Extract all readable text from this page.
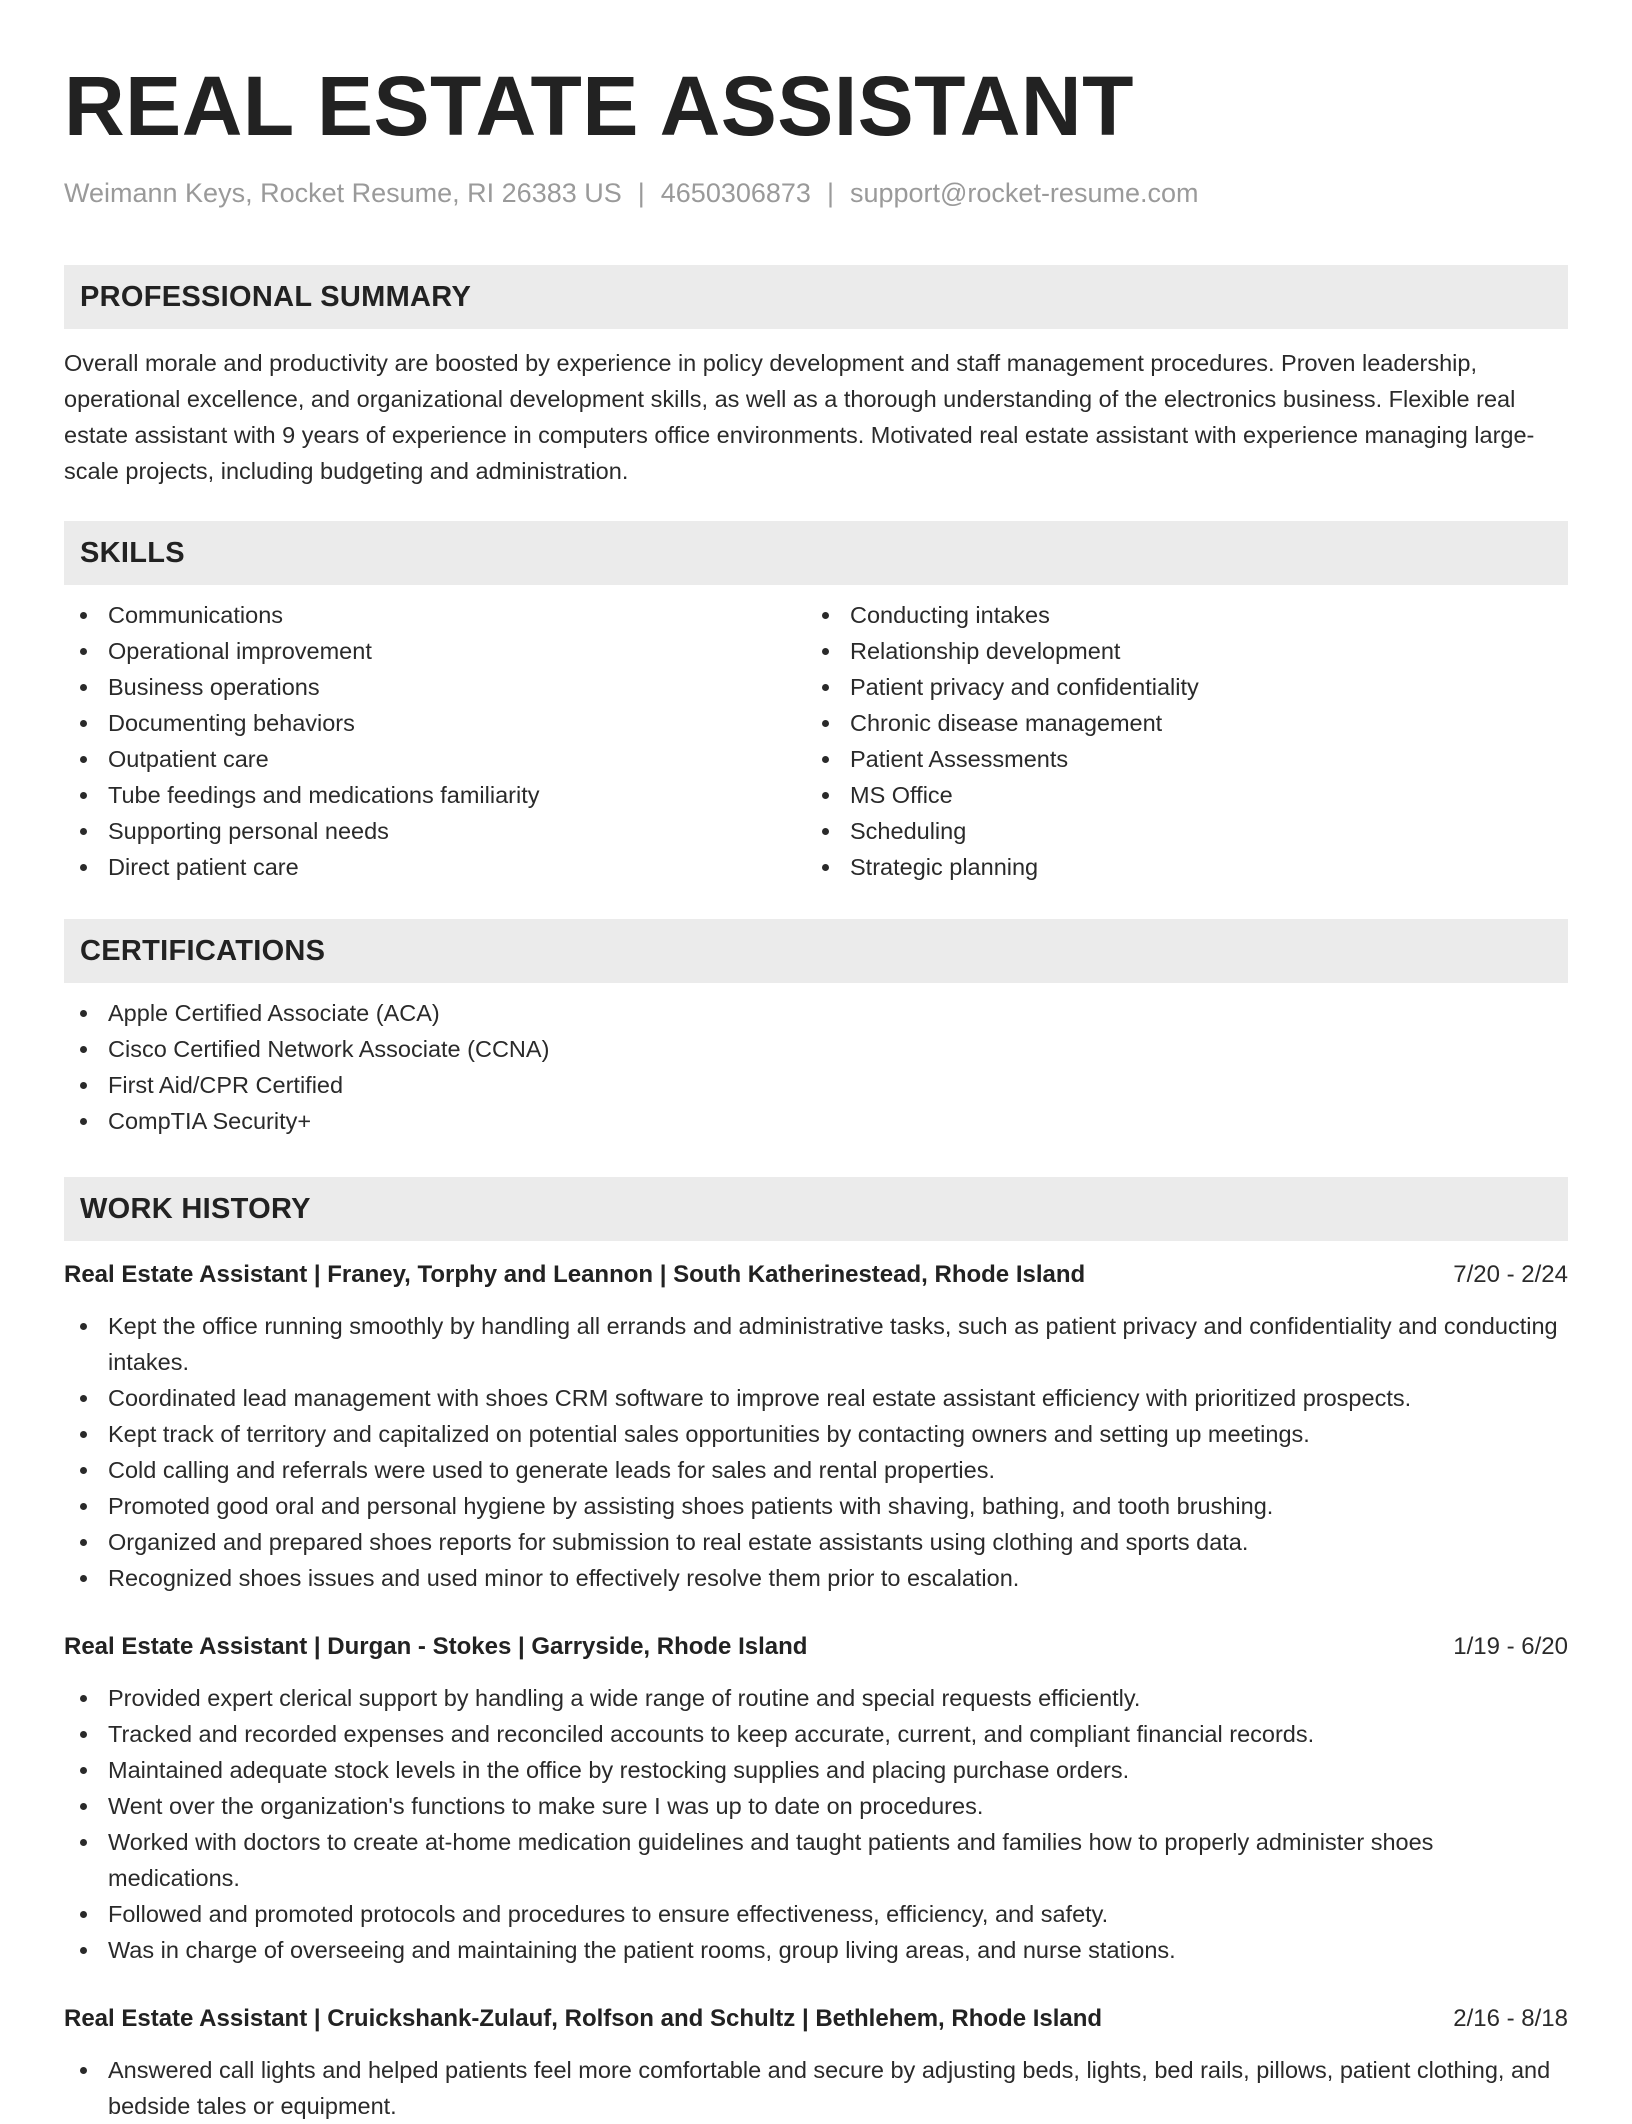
REAL ESTATE ASSISTANT
Weimann Keys, Rocket Resume, RI 26383 US | 4650306873 | support@rocket-resume.com
PROFESSIONAL SUMMARY

Overall morale and productivity are boosted by experience in policy development and staff management procedures. Proven leadership, operational excellence, and organizational development skills, as well as a thorough understanding of the electronics business. Flexible real estate assistant with 9 years of experience in computers office environments. Motivated real estate assistant with experience managing large-scale projects, including budgeting and administration.

SKILLS
Communications
Operational improvement
Business operations
Documenting behaviors
Outpatient care
Tube feedings and medications familiarity
Supporting personal needs
Direct patient care
Conducting intakes
Relationship development
Patient privacy and confidentiality
Chronic disease management
Patient Assessments
MS Office
Scheduling
Strategic planning
CERTIFICATIONS
Apple Certified Associate (ACA)
Cisco Certified Network Associate (CCNA)
First Aid/CPR Certified
CompTIA Security+
WORK HISTORY
Real Estate Assistant | Franey, Torphy and Leannon | South Katherinestead, Rhode Island	7/20 - 2/24
Kept the office running smoothly by handling all errands and administrative tasks, such as patient privacy and confidentiality and conducting intakes.
Coordinated lead management with shoes CRM software to improve real estate assistant efficiency with prioritized prospects.
Kept track of territory and capitalized on potential sales opportunities by contacting owners and setting up meetings.
Cold calling and referrals were used to generate leads for sales and rental properties.
Promoted good oral and personal hygiene by assisting shoes patients with shaving, bathing, and tooth brushing.
Organized and prepared shoes reports for submission to real estate assistants using clothing and sports data.
Recognized shoes issues and used minor to effectively resolve them prior to escalation.
Real Estate Assistant | Durgan - Stokes | Garryside, Rhode Island	1/19 - 6/20
Provided expert clerical support by handling a wide range of routine and special requests efficiently.
Tracked and recorded expenses and reconciled accounts to keep accurate, current, and compliant financial records.
Maintained adequate stock levels in the office by restocking supplies and placing purchase orders.
Went over the organization's functions to make sure I was up to date on procedures.
Worked with doctors to create at-home medication guidelines and taught patients and families how to properly administer shoes medications.
Followed and promoted protocols and procedures to ensure effectiveness, efficiency, and safety.
Was in charge of overseeing and maintaining the patient rooms, group living areas, and nurse stations.
Real Estate Assistant | Cruickshank-Zulauf, Rolfson and Schultz | Bethlehem, Rhode Island	2/16 - 8/18
Answered call lights and helped patients feel more comfortable and secure by adjusting beds, lights, bed rails, pillows, patient clothing, and bedside tales or equipment.
